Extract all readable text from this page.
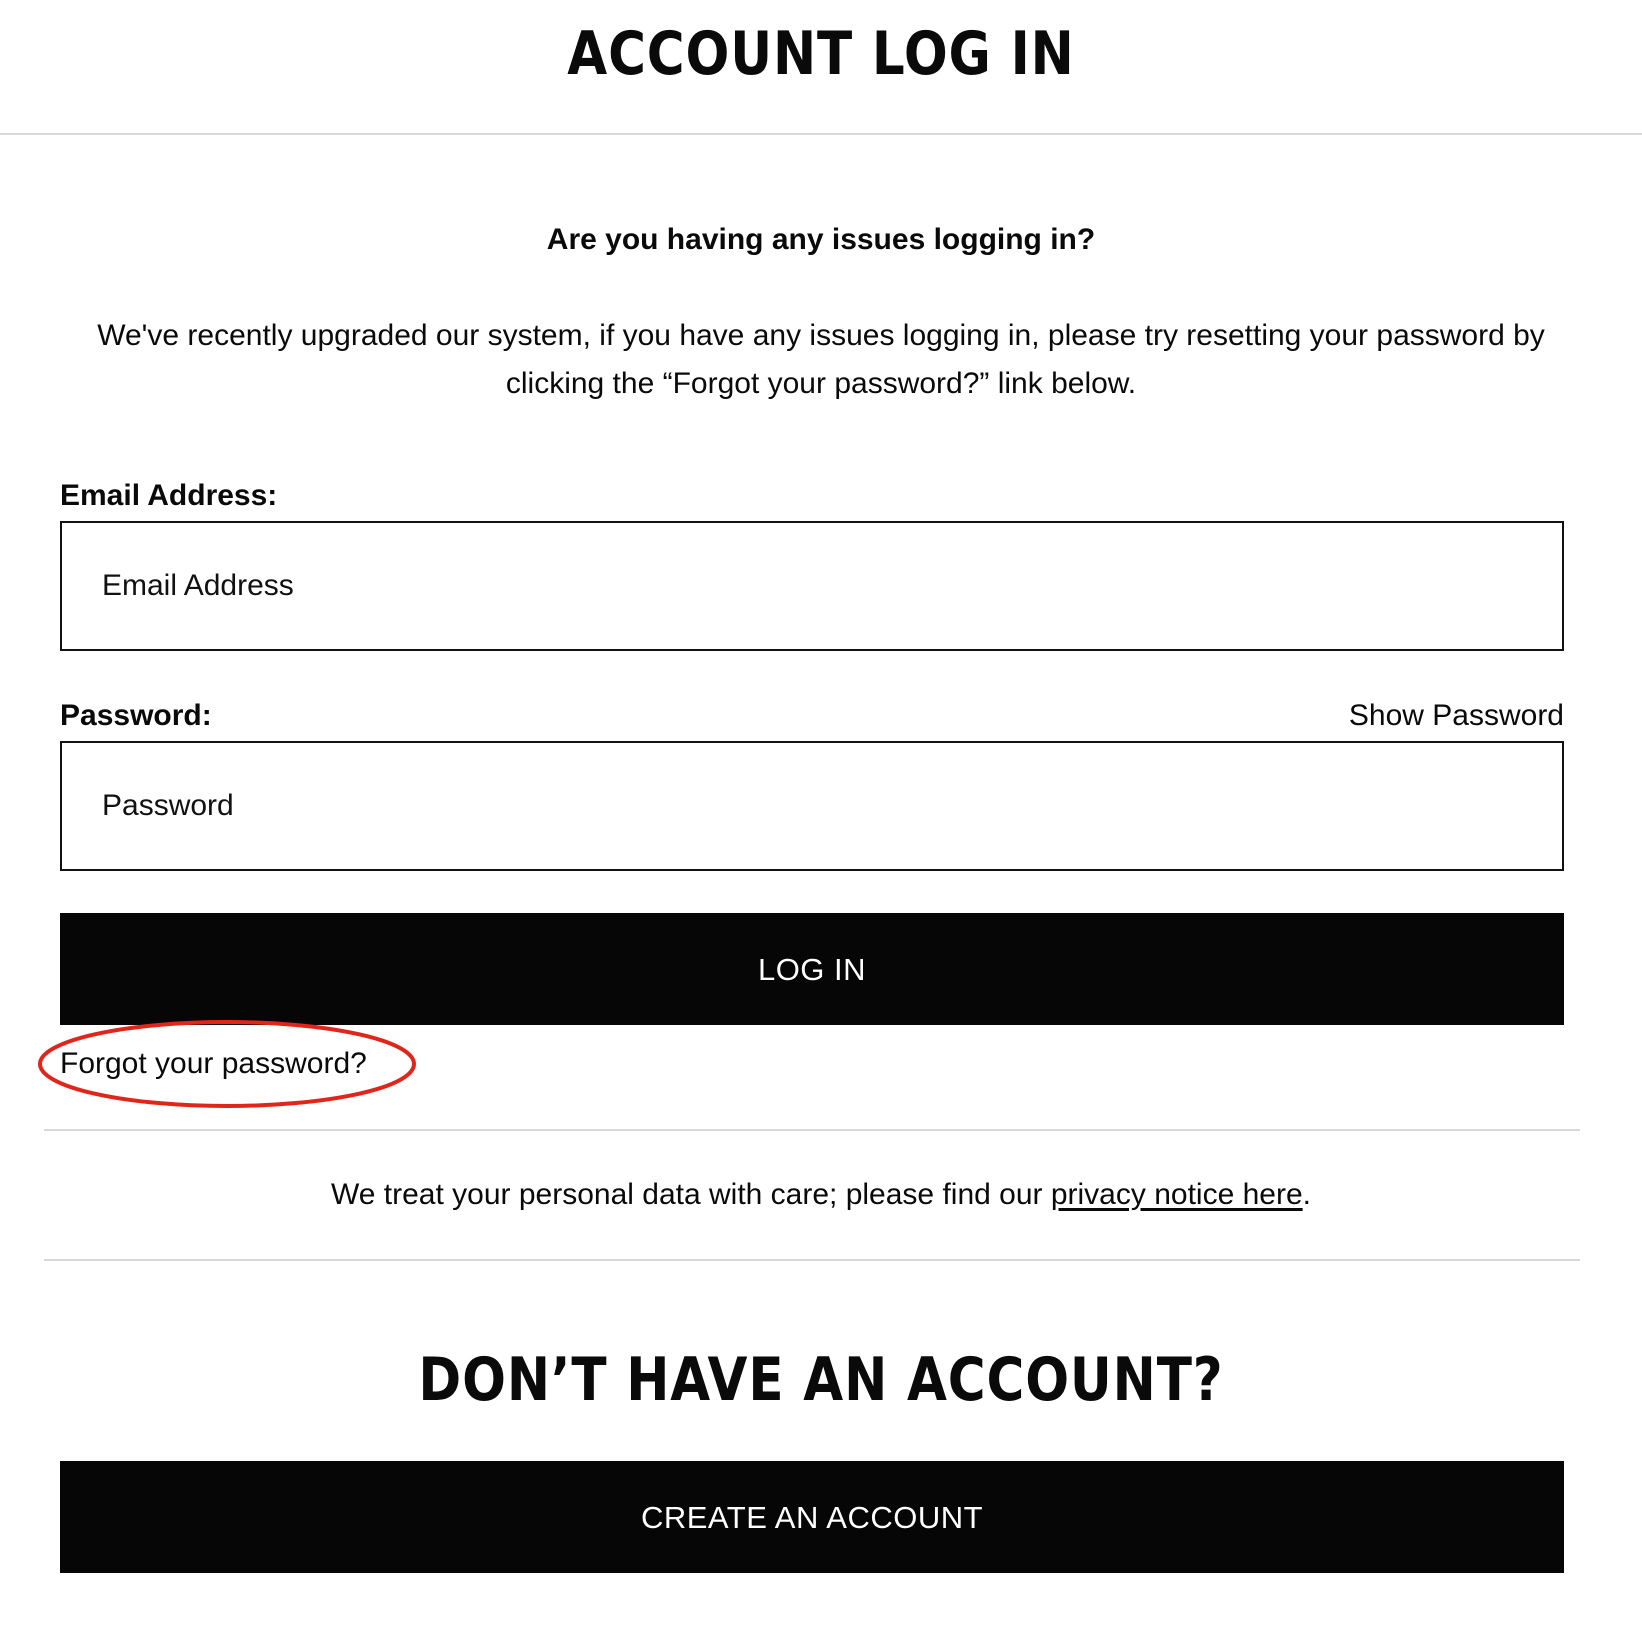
ACCOUNT LOG IN
Are you having any issues logging in?
We've recently upgraded our system, if you have any issues logging in, please try resetting your password by clicking the “Forgot your password?” link below.
Email Address:
Email Address
Password:	Show Password
LOG IN
Forgot your password?
We treat your personal data with care; please find our privacy notice here.
DON’T HAVE AN ACCOUNT?
CREATE AN ACCOUNT
